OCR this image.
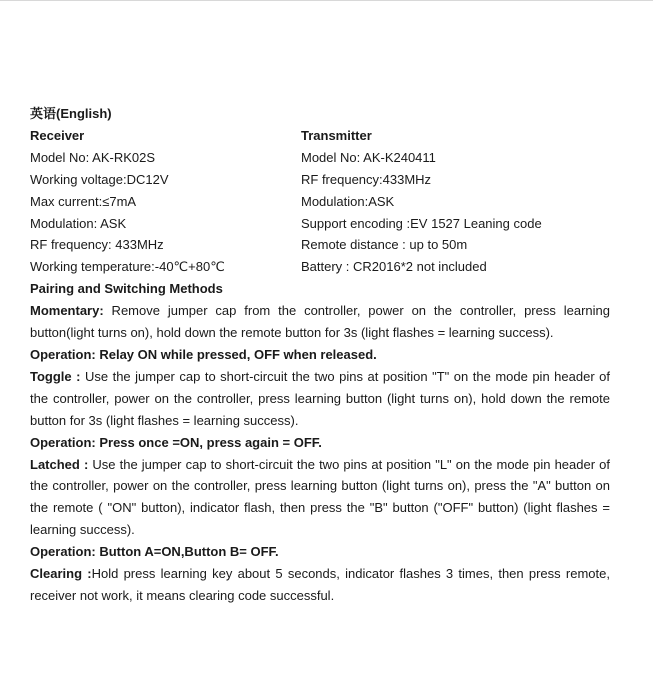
英语(English)
Receiver
Model No: AK-RK02S
Working voltage:DC12V
Max current:≤7mA
Modulation: ASK
RF frequency: 433MHz
Working temperature:-40℃+80℃
Transmitter
Model No: AK-K240411
RF frequency:433MHz
Modulation:ASK
Support encoding :EV 1527 Leaning code
Remote distance : up to 50m
Battery : CR2016*2 not included
Pairing and Switching Methods

Momentary: Remove jumper cap from the controller, power on the controller, press learning button(light turns on), hold down the remote button for 3s (light flashes = learning success).

Operation: Relay ON while pressed, OFF when released.

Toggle : Use the jumper cap to short-circuit the two pins at position "T" on the mode pin header of the controller, power on the controller, press learning button (light turns on), hold down the remote button for 3s (light flashes = learning success).

Operation: Press once =ON, press again = OFF.

Latched : Use the jumper cap to short-circuit the two pins at position "L" on the mode pin header of the controller, power on the controller, press learning button (light turns on), press the "A" button on the remote ( "ON" button), indicator flash, then press the "B" button ("OFF" button) (light flashes = learning success).

Operation: Button A=ON,Button B= OFF.

Clearing :Hold press learning key about 5 seconds, indicator flashes 3 times, then press remote, receiver not work, it means clearing code successful.
